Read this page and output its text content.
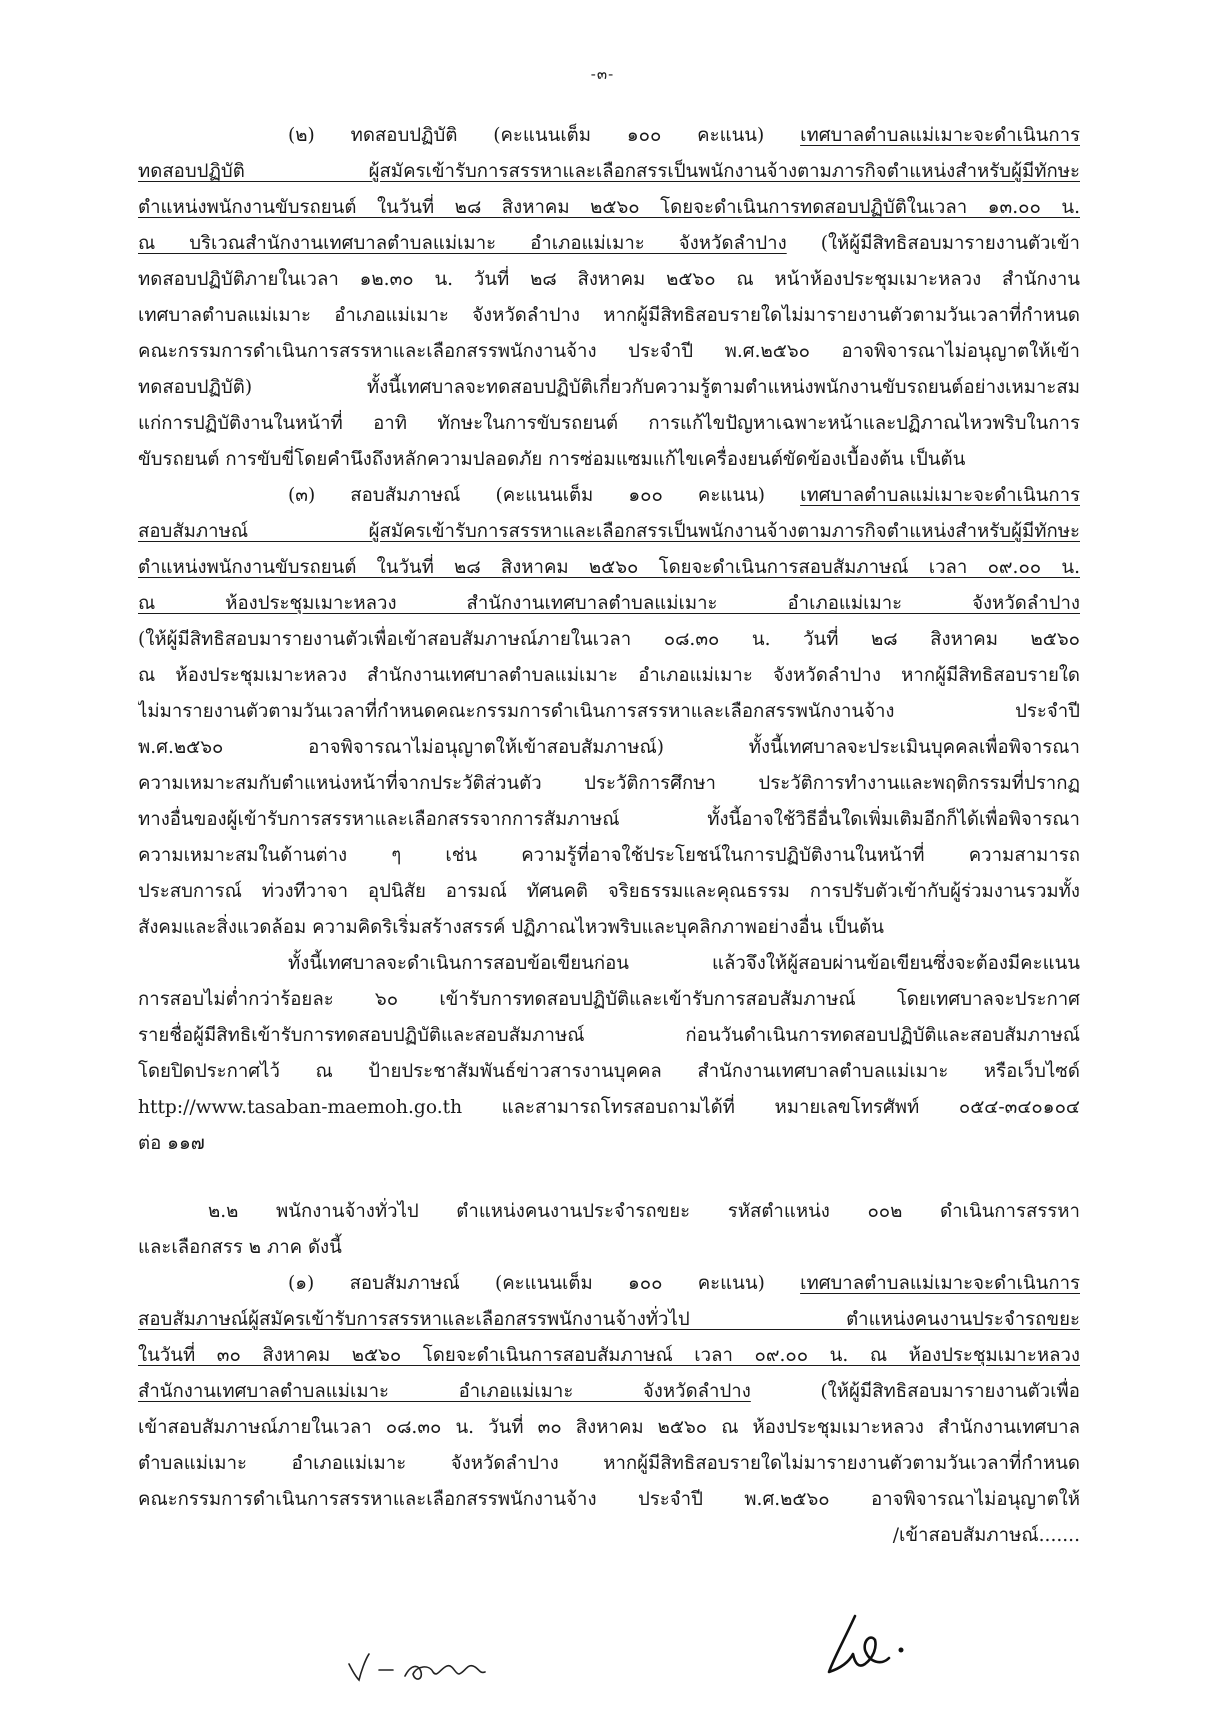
-๓-
(๒) ทดสอบปฏิบัติ (คะแนนเต็ม ๑๐๐ คะแนน) เทศบาลตำบลแม่เมาะจะดำเนินการ
ทดสอบปฏิบัติ ผู้สมัครเข้ารับการสรรหาและเลือกสรรเป็นพนักงานจ้างตามภารกิจตำแหน่งสำหรับผู้มีทักษะ
ตำแหน่งพนักงานขับรถยนต์ ในวันที่ ๒๘ สิงหาคม ๒๕๖๐ โดยจะดำเนินการทดสอบปฏิบัติในเวลา ๑๓.๐๐ น.
ณ บริเวณสำนักงานเทศบาลตำบลแม่เมาะ อำเภอแม่เมาะ จังหวัดลำปาง (ให้ผู้มีสิทธิสอบมารายงานตัวเข้า
ทดสอบปฏิบัติภายในเวลา ๑๒.๓๐ น. วันที่ ๒๘ สิงหาคม ๒๕๖๐ ณ หน้าห้องประชุมเมาะหลวง สำนักงาน
เทศบาลตำบลแม่เมาะ อำเภอแม่เมาะ จังหวัดลำปาง หากผู้มีสิทธิสอบรายใดไม่มารายงานตัวตามวันเวลาที่กำหนด
คณะกรรมการดำเนินการสรรหาและเลือกสรรพนักงานจ้าง ประจำปี พ.ศ.๒๕๖๐ อาจพิจารณาไม่อนุญาตให้เข้า
ทดสอบปฏิบัติ) ทั้งนี้เทศบาลจะทดสอบปฏิบัติเกี่ยวกับความรู้ตามตำแหน่งพนักงานขับรถยนต์อย่างเหมาะสม
แก่การปฏิบัติงานในหน้าที่ อาทิ ทักษะในการขับรถยนต์ การแก้ไขปัญหาเฉพาะหน้าและปฏิภาณไหวพริบในการ
ขับรถยนต์ การขับขี่โดยคำนึงถึงหลักความปลอดภัย การซ่อมแซมแก้ไขเครื่องยนต์ขัดข้องเบื้องต้น เป็นต้น
(๓) สอบสัมภาษณ์ (คะแนนเต็ม ๑๐๐ คะแนน) เทศบาลตำบลแม่เมาะจะดำเนินการ
สอบสัมภาษณ์ ผู้สมัครเข้ารับการสรรหาและเลือกสรรเป็นพนักงานจ้างตามภารกิจตำแหน่งสำหรับผู้มีทักษะ
ตำแหน่งพนักงานขับรถยนต์ ในวันที่ ๒๘ สิงหาคม ๒๕๖๐ โดยจะดำเนินการสอบสัมภาษณ์ เวลา ๐๙.๐๐ น.
ณ ห้องประชุมเมาะหลวง สำนักงานเทศบาลตำบลแม่เมาะ อำเภอแม่เมาะ จังหวัดลำปาง
(ให้ผู้มีสิทธิสอบมารายงานตัวเพื่อเข้าสอบสัมภาษณ์ภายในเวลา ๐๘.๓๐ น. วันที่ ๒๘ สิงหาคม ๒๕๖๐
ณ ห้องประชุมเมาะหลวง สำนักงานเทศบาลตำบลแม่เมาะ อำเภอแม่เมาะ จังหวัดลำปาง หากผู้มีสิทธิสอบรายใด
ไม่มารายงานตัวตามวันเวลาที่กำหนดคณะกรรมการดำเนินการสรรหาและเลือกสรรพนักงานจ้าง ประจำปี
พ.ศ.๒๕๖๐ อาจพิจารณาไม่อนุญาตให้เข้าสอบสัมภาษณ์) ทั้งนี้เทศบาลจะประเมินบุคคลเพื่อพิจารณา
ความเหมาะสมกับตำแหน่งหน้าที่จากประวัติส่วนตัว ประวัติการศึกษา ประวัติการทำงานและพฤติกรรมที่ปรากฏ
ทางอื่นของผู้เข้ารับการสรรหาและเลือกสรรจากการสัมภาษณ์ ทั้งนี้อาจใช้วิธีอื่นใดเพิ่มเติมอีกก็ได้เพื่อพิจารณา
ความเหมาะสมในด้านต่าง ๆ เช่น ความรู้ที่อาจใช้ประโยชน์ในการปฏิบัติงานในหน้าที่ ความสามารถ
ประสบการณ์ ท่วงทีวาจา อุปนิสัย อารมณ์ ทัศนคติ จริยธรรมและคุณธรรม การปรับตัวเข้ากับผู้ร่วมงานรวมทั้ง
สังคมและสิ่งแวดล้อม ความคิดริเริ่มสร้างสรรค์ ปฏิภาณไหวพริบและบุคลิกภาพอย่างอื่น เป็นต้น
ทั้งนี้เทศบาลจะดำเนินการสอบข้อเขียนก่อน แล้วจึงให้ผู้สอบผ่านข้อเขียนซึ่งจะต้องมีคะแนน
การสอบไม่ต่ำกว่าร้อยละ ๖๐ เข้ารับการทดสอบปฏิบัติและเข้ารับการสอบสัมภาษณ์ โดยเทศบาลจะประกาศ
รายชื่อผู้มีสิทธิเข้ารับการทดสอบปฏิบัติและสอบสัมภาษณ์ ก่อนวันดำเนินการทดสอบปฏิบัติและสอบสัมภาษณ์
โดยปิดประกาศไว้ ณ ป้ายประชาสัมพันธ์ข่าวสารงานบุคคล สำนักงานเทศบาลตำบลแม่เมาะ หรือเว็บไซด์
http://www.tasaban-maemoh.go.th และสามารถโทรสอบถามได้ที่ หมายเลขโทรศัพท์ ๐๕๔-๓๔๐๑๐๔
ต่อ ๑๑๗
๒.๒ พนักงานจ้างทั่วไป ตำแหน่งคนงานประจำรถขยะ รหัสตำแหน่ง ๐๐๒ ดำเนินการสรรหา
และเลือกสรร ๒ ภาค ดังนี้
(๑) สอบสัมภาษณ์ (คะแนนเต็ม ๑๐๐ คะแนน) เทศบาลตำบลแม่เมาะจะดำเนินการ
สอบสัมภาษณ์ผู้สมัครเข้ารับการสรรหาและเลือกสรรพนักงานจ้างทั่วไป ตำแหน่งคนงานประจำรถขยะ
ในวันที่ ๓๐ สิงหาคม ๒๕๖๐ โดยจะดำเนินการสอบสัมภาษณ์ เวลา ๐๙.๐๐ น. ณ ห้องประชุมเมาะหลวง
สำนักงานเทศบาลตำบลแม่เมาะ อำเภอแม่เมาะ จังหวัดลำปาง (ให้ผู้มีสิทธิสอบมารายงานตัวเพื่อ
เข้าสอบสัมภาษณ์ภายในเวลา ๐๘.๓๐ น. วันที่ ๓๐ สิงหาคม ๒๕๖๐ ณ ห้องประชุมเมาะหลวง สำนักงานเทศบาล
ตำบลแม่เมาะ อำเภอแม่เมาะ จังหวัดลำปาง หากผู้มีสิทธิสอบรายใดไม่มารายงานตัวตามวันเวลาที่กำหนด
คณะกรรมการดำเนินการสรรหาและเลือกสรรพนักงานจ้าง ประจำปี พ.ศ.๒๕๖๐ อาจพิจารณาไม่อนุญาตให้
/เข้าสอบสัมภาษณ์.......
